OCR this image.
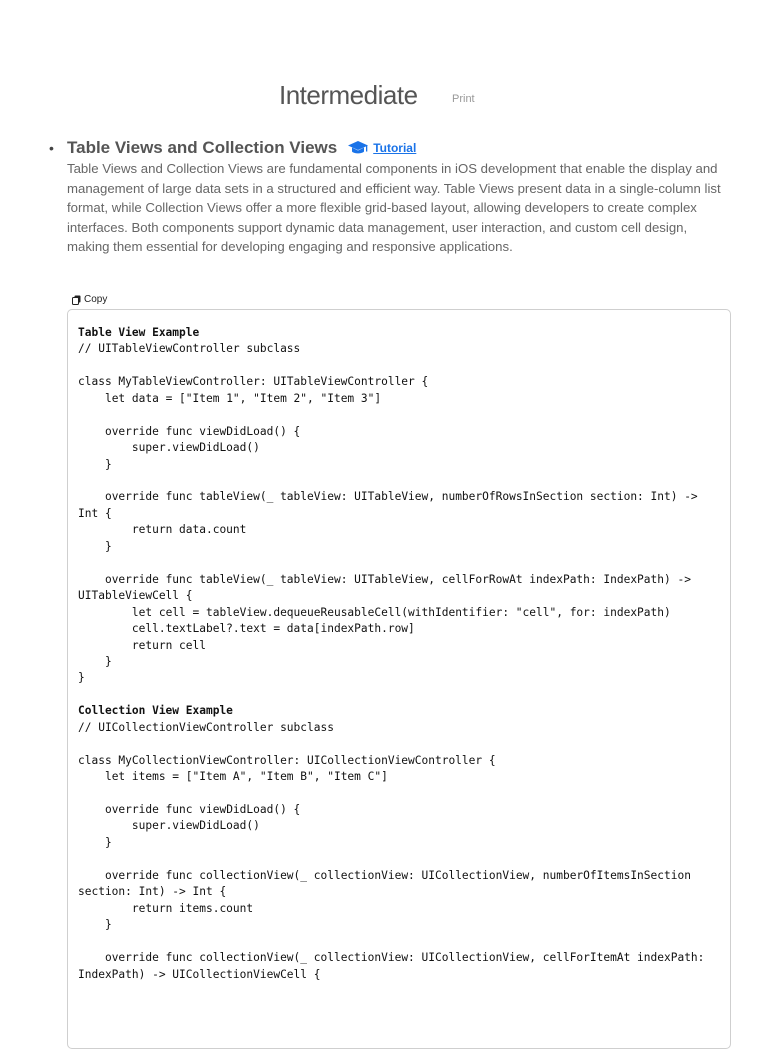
Intermediate	Print
• Table Views and Collection Views	Tutorial
Table Views and Collection Views are fundamental components in iOS development that enable the display and management of large data sets in a structured and efficient way. Table Views present data in a single-column list format, while Collection Views offer a more flexible grid-based layout, allowing developers to create complex interfaces. Both components support dynamic data management, user interaction, and custom cell design, making them essential for developing engaging and responsive applications.
Copy
Table View Example
// UITableViewController subclass
class MyTableViewController: UITableViewController {
let data = ["Item 1", "Item 2", "Item 3"]
override func viewDidLoad() {
super.viewDidLoad()
}
override func tableView(_ tableView: UITableView, numberOfRowsInSection section: Int) -> Int {
return data.count
}
override func tableView(_ tableView: UITableView, cellForRowAt indexPath: IndexPath) -> UITableViewCell {
let cell = tableView.dequeueReusableCell(withIdentifier: "cell", for: indexPath)
cell.textLabel?.text = data[indexPath.row]
return cell
}
}
Collection View Example
// UICollectionViewController subclass
class MyCollectionViewController: UICollectionViewController {
let items = ["Item A", "Item B", "Item C"]
override func viewDidLoad() {
super.viewDidLoad()
}
override func collectionView(_ collectionView: UICollectionView, numberOfItemsInSection section: Int) -> Int {
return items.count
}
override func collectionView(_ collectionView: UICollectionView, cellForItemAt indexPath: IndexPath) -> UICollectionViewCell {
